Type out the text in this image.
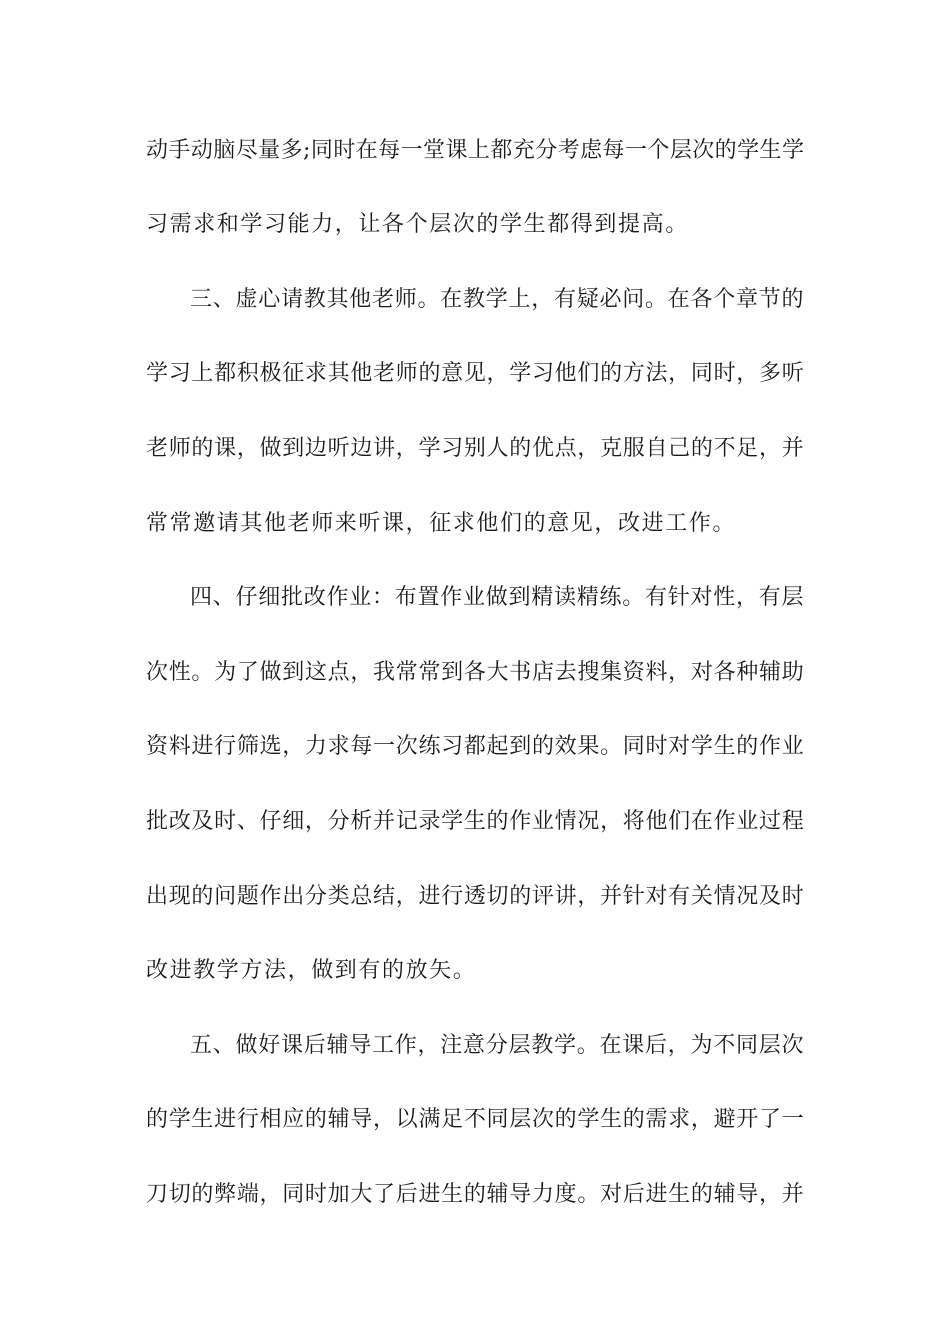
动手动脑尽量多;同时在每一堂课上都充分考虑每一个层次的学生学
习需求和学习能力，让各个层次的学生都得到提高。
三、虚心请教其他老师。在教学上，有疑必问。在各个章节的
学习上都积极征求其他老师的意见，学习他们的方法，同时，多听
老师的课，做到边听边讲，学习别人的优点，克服自己的不足，并
常常邀请其他老师来听课，征求他们的意见，改进工作。
四、仔细批改作业：布置作业做到精读精练。有针对性，有层
次性。为了做到这点，我常常到各大书店去搜集资料，对各种辅助
资料进行筛选，力求每一次练习都起到的效果。同时对学生的作业
批改及时、仔细，分析并记录学生的作业情况，将他们在作业过程
出现的问题作出分类总结，进行透切的评讲，并针对有关情况及时
改进教学方法，做到有的放矢。
五、做好课后辅导工作，注意分层教学。在课后，为不同层次
的学生进行相应的辅导，以满足不同层次的学生的需求，避开了一
刀切的弊端，同时加大了后进生的辅导力度。对后进生的辅导，并
